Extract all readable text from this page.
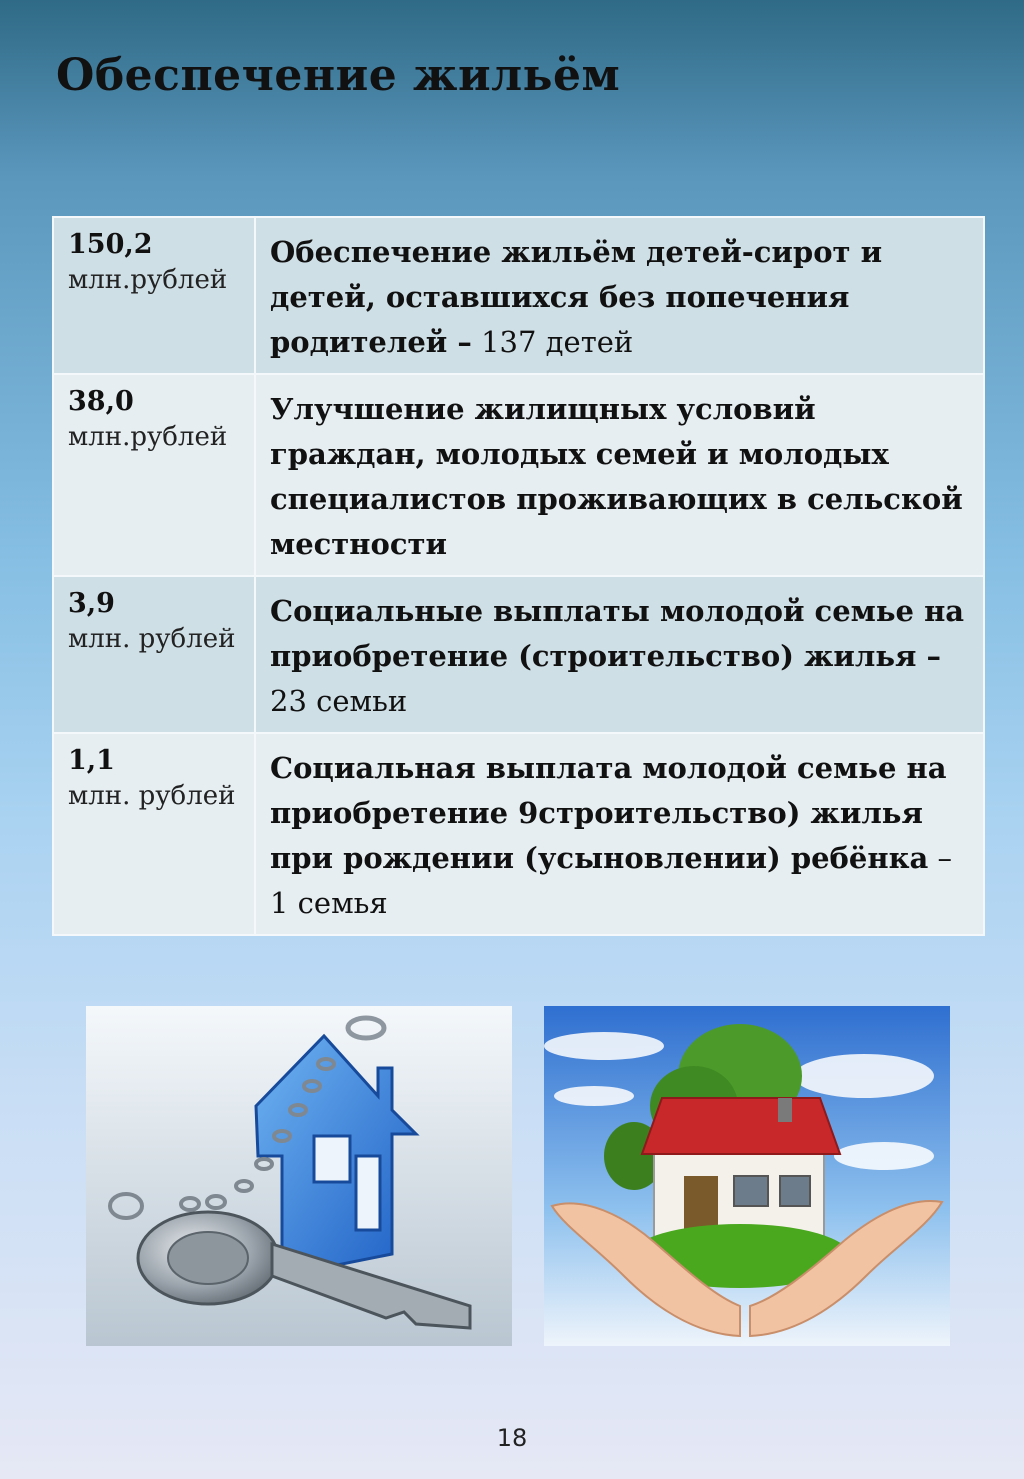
Обеспечение жильём
150,2
млн.рублей	Обеспечение жильём детей-сирот и детей, оставшихся без попечения родителей – 137 детей

38,0
млн.рублей	Улучшение жилищных условий граждан, молодых семей и молодых специалистов проживающих в сельской местности

3,9
млн. рублей	Социальные выплаты молодой семье на приобретение (строительство) жилья – 23 семьи

1,1
млн. рублей	Социальная выплата молодой семье на приобретение 9строительство) жилья при рождении (усыновлении) ребёнка – 1 семья
18
